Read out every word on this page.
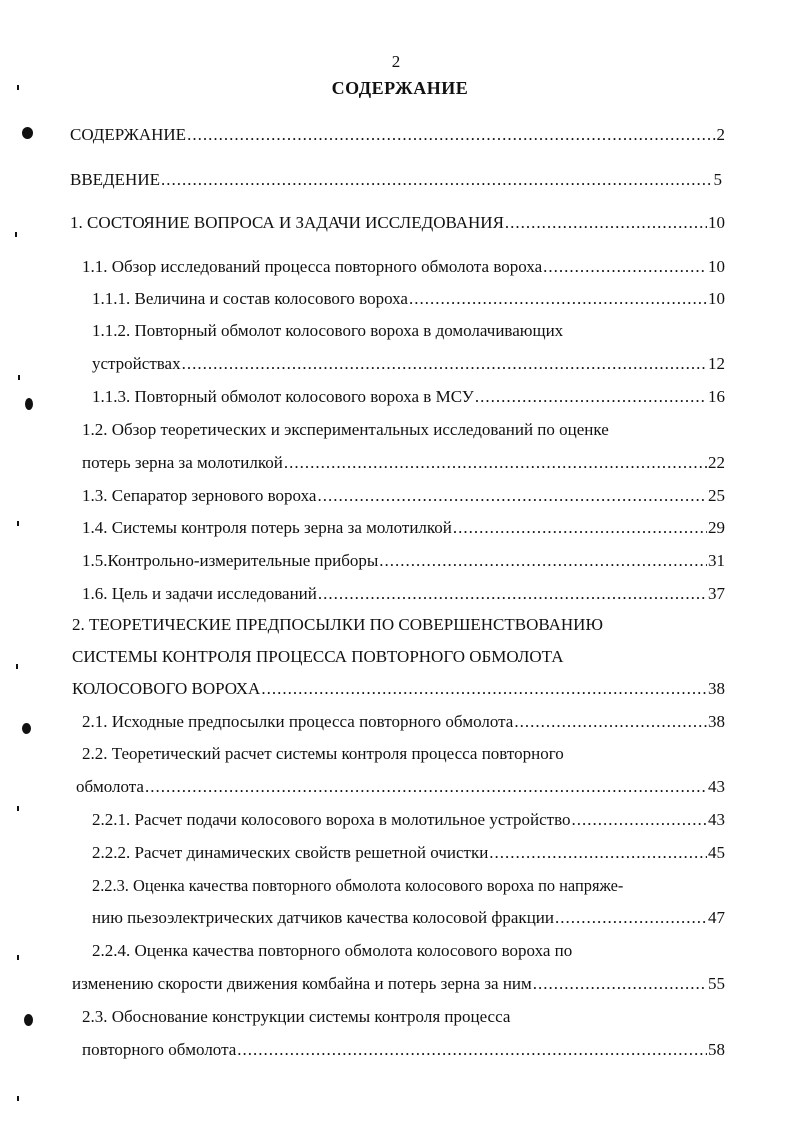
2
СОДЕРЖАНИЕ
СОДЕРЖАНИЕ .....	2
ВВЕДЕНИЕ .....	5
1. СОСТОЯНИЕ ВОПРОСА И ЗАДАЧИ ИССЛЕДОВАНИЯ .....	10
1.1. Обзор исследований процесса повторного обмолота вороха .....	10
1.1.1. Величина и состав колосового вороха .....	10
1.1.2. Повторный обмолот колосового вороха в домолачивающих
устройствах .....	12
1.1.3. Повторный обмолот колосового вороха в МСУ .....	16
1.2. Обзор теоретических и экспериментальных исследований по оценке
потерь зерна за молотилкой .....	22
1.3. Сепаратор зернового вороха .....	25
1.4. Системы контроля потерь зерна за молотилкой .....	29
1.5.Контрольно-измерительные приборы .....	31
1.6. Цель и задачи исследований .....	37
2. ТЕОРЕТИЧЕСКИЕ ПРЕДПОСЫЛКИ ПО СОВЕРШЕНСТВОВАНИЮ
СИСТЕМЫ КОНТРОЛЯ ПРОЦЕССА ПОВТОРНОГО ОБМОЛОТА
КОЛОСОВОГО ВОРОХА .....	38
2.1. Исходные предпосылки процесса повторного обмолота .....	38
2.2. Теоретический расчет системы контроля процесса повторного
обмолота .....	43
2.2.1. Расчет подачи колосового вороха в молотильное устройство .....	43
2.2.2. Расчет динамических свойств решетной очистки .....	45
2.2.3. Оценка качества повторного обмолота колосового вороха по напряже-
нию пьезоэлектрических датчиков качества колосовой фракции .....	47
2.2.4. Оценка качества повторного обмолота колосового вороха по
изменению скорости движения комбайна и потерь зерна за ним .....	55
2.3. Обоснование конструкции системы контроля процесса
повторного обмолота .....	58
